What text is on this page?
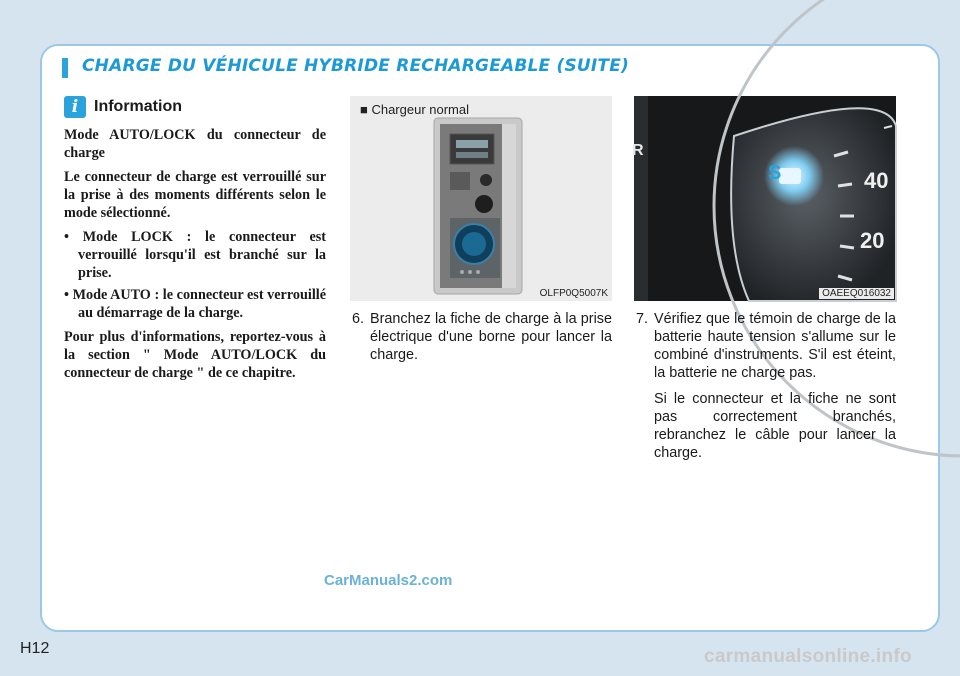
CHARGE DU VÉHICULE HYBRIDE RECHARGEABLE (SUITE)
i Information

Mode AUTO/LOCK du connecteur de charge

Le connecteur de charge est verrouillé sur la prise à des moments différents selon le mode sélectionné.

• Mode LOCK : le connecteur est verrouillé lorsqu'il est branché sur la prise.
• Mode AUTO : le connecteur est verrouillé au démarrage de la charge.

Pour plus d'informations, reportez-vous à la section " Mode AUTO/LOCK du connecteur de charge " de ce chapitre.

■ Chargeur normal
OLFP0Q5007K
R
S	40
20
OAEEQ016032
6. Branchez la fiche de charge à la prise électrique d'une borne pour lancer la charge.
7. Vérifiez que le témoin de charge de la batterie haute tension s'allume sur le combiné d'instruments. S'il est éteint, la batterie ne charge pas.
Si le connecteur et la fiche ne sont pas correctement branchés, rebranchez le câble pour lancer la charge.
CarManuals2.com
H12	carmanualsonline.info
